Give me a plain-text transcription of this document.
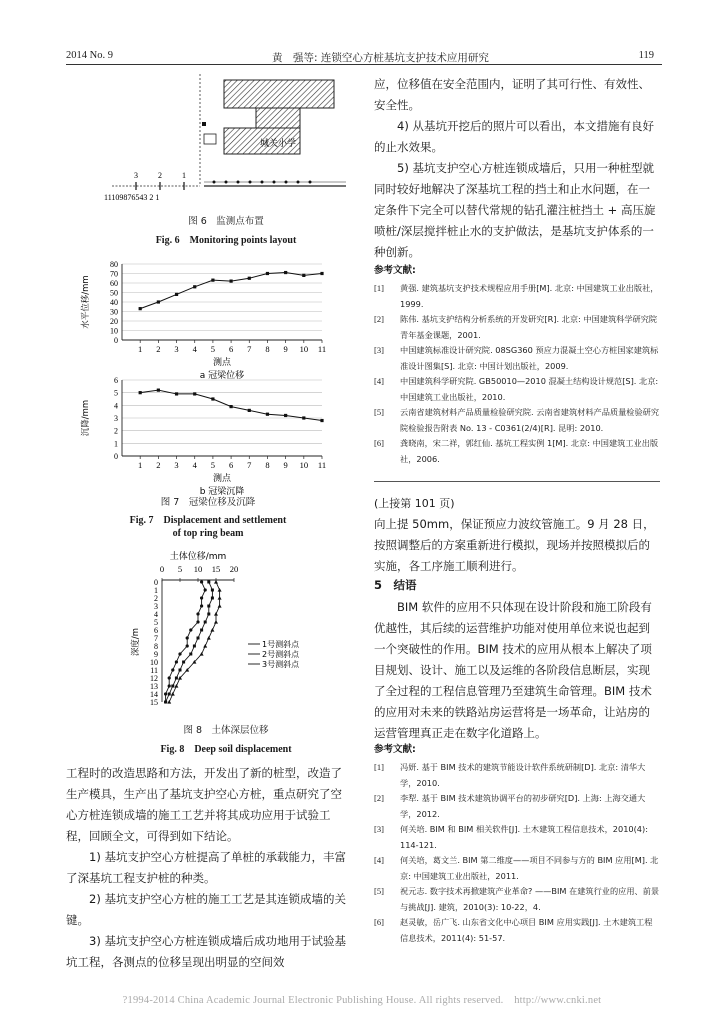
2014 No. 9	黄　强等: 连锁空心方桩基坑支护技术应用研究	119
3	2	1
11109876543 2 1
城关小学
图 6　监测点布置
Fig. 6　Monitoring points layout
80
70
60
50
40
30
20
10
0
1 2 3 4 5 6 7 8 9 10 11
水平位移/mm
测点
a 冠梁位移
6
5
4
3
2
1
0
1 2 3 4 5 6 7 8 9 10 11
沉降/mm
测点
b 冠梁沉降
图 7　冠梁位移及沉降
Fig. 7　Displacement and settlement
of top ring beam
土体位移/mm
0 5 10 15 20
0
1
2
3
4
5
6
7
8
9
10
11
12
13
14
15
深度/m	1号测斜点
2号测斜点
3号测斜点
图 8　土体深层位移
Fig. 8　Deep soil displacement

工程时的改造思路和方法，开发出了新的桩型，改造了生产模具，生产出了基坑支护空心方桩，重点研究了空心方桩连锁成墙的施工工艺并将其成功应用于试验工程，回顾全文，可得到如下结论。

1) 基坑支护空心方桩提高了单桩的承载能力，丰富了深基坑工程支护桩的种类。

2) 基坑支护空心方桩的施工工艺是其连锁成墙的关键。

3) 基坑支护空心方桩连锁成墙后成功地用于试验基坑工程，各测点的位移呈现出明显的空间效

应，位移值在安全范围内，证明了其可行性、有效性、安全性。

4) 从基坑开挖后的照片可以看出，本文措施有良好的止水效果。

5) 基坑支护空心方桩连锁成墙后，只用一种桩型就同时较好地解决了深基坑工程的挡土和止水问题，在一定条件下完全可以替代常规的钻孔灌注桩挡土 + 高压旋喷桩/深层搅拌桩止水的支护做法，是基坑支护体系的一种创新。

参考文献:
[1]	黄强. 建筑基坑支护技术规程应用手册[M]. 北京: 中国建筑工业出版社，1999.
[2]	陈伟. 基坑支护结构分析系统的开发研究[R]. 北京: 中国建筑科学研究院青年基金课题，2001.
[3]	中国建筑标准设计研究院. 08SG360 预应力混凝土空心方桩国家建筑标准设计图集[S]. 北京: 中国计划出版社，2009.
[4]	中国建筑科学研究院. GB50010—2010 混凝土结构设计规范[S]. 北京: 中国建筑工业出版社，2010.
[5]	云南省建筑材料产品质量检验研究院. 云南省建筑材料产品质量检验研究院检验报告附表 No. 13 - C0361(2/4)[R]. 昆明: 2010.
[6]	龚晓南，宋二祥，郭红仙. 基坑工程实例 1[M]. 北京: 中国建筑工业出版社，2006.
(上接第 101 页)

向上提 50mm，保证预应力波纹管施工。9 月 28 日，按照调整后的方案重新进行模拟，现场并按照模拟后的实施，各工序施工顺利进行。

5　结语

BIM 软件的应用不只体现在设计阶段和施工阶段有优越性，其后续的运营维护功能对使用单位来说也起到一个突破性的作用。BIM 技术的应用从根本上解决了项目规划、设计、施工以及运维的各阶段信息断层，实现了全过程的工程信息管理乃至建筑生命管理。BIM 技术的应用对未来的铁路站房运营将是一场革命，让站房的运营管理真正走在数字化道路上。

参考文献:
[1]	冯妍. 基于 BIM 技术的建筑节能设计软件系统研制[D]. 北京: 清华大学，2010.
[2]	李犁. 基于 BIM 技术建筑协调平台的初步研究[D]. 上海: 上海交通大学，2012.
[3]	何关培. BIM 和 BIM 相关软件[J]. 土木建筑工程信息技术，2010(4): 114-121.
[4]	何关培，葛文兰. BIM 第二维度——项目不同参与方的 BIM 应用[M]. 北京: 中国建筑工业出版社，2011.
[5]	祝元志. 数字技术再掀建筑产业革命? ——BIM 在建筑行业的应用、前景与挑战[J]. 建筑，2010(3): 10-22，4.
[6]	赵灵敏，岳广飞. 山东省文化中心项目 BIM 应用实践[J]. 土木建筑工程信息技术，2011(4): 51-57.
?1994-2014 China Academic Journal Electronic Publishing House. All rights reserved.　http://www.cnki.net
